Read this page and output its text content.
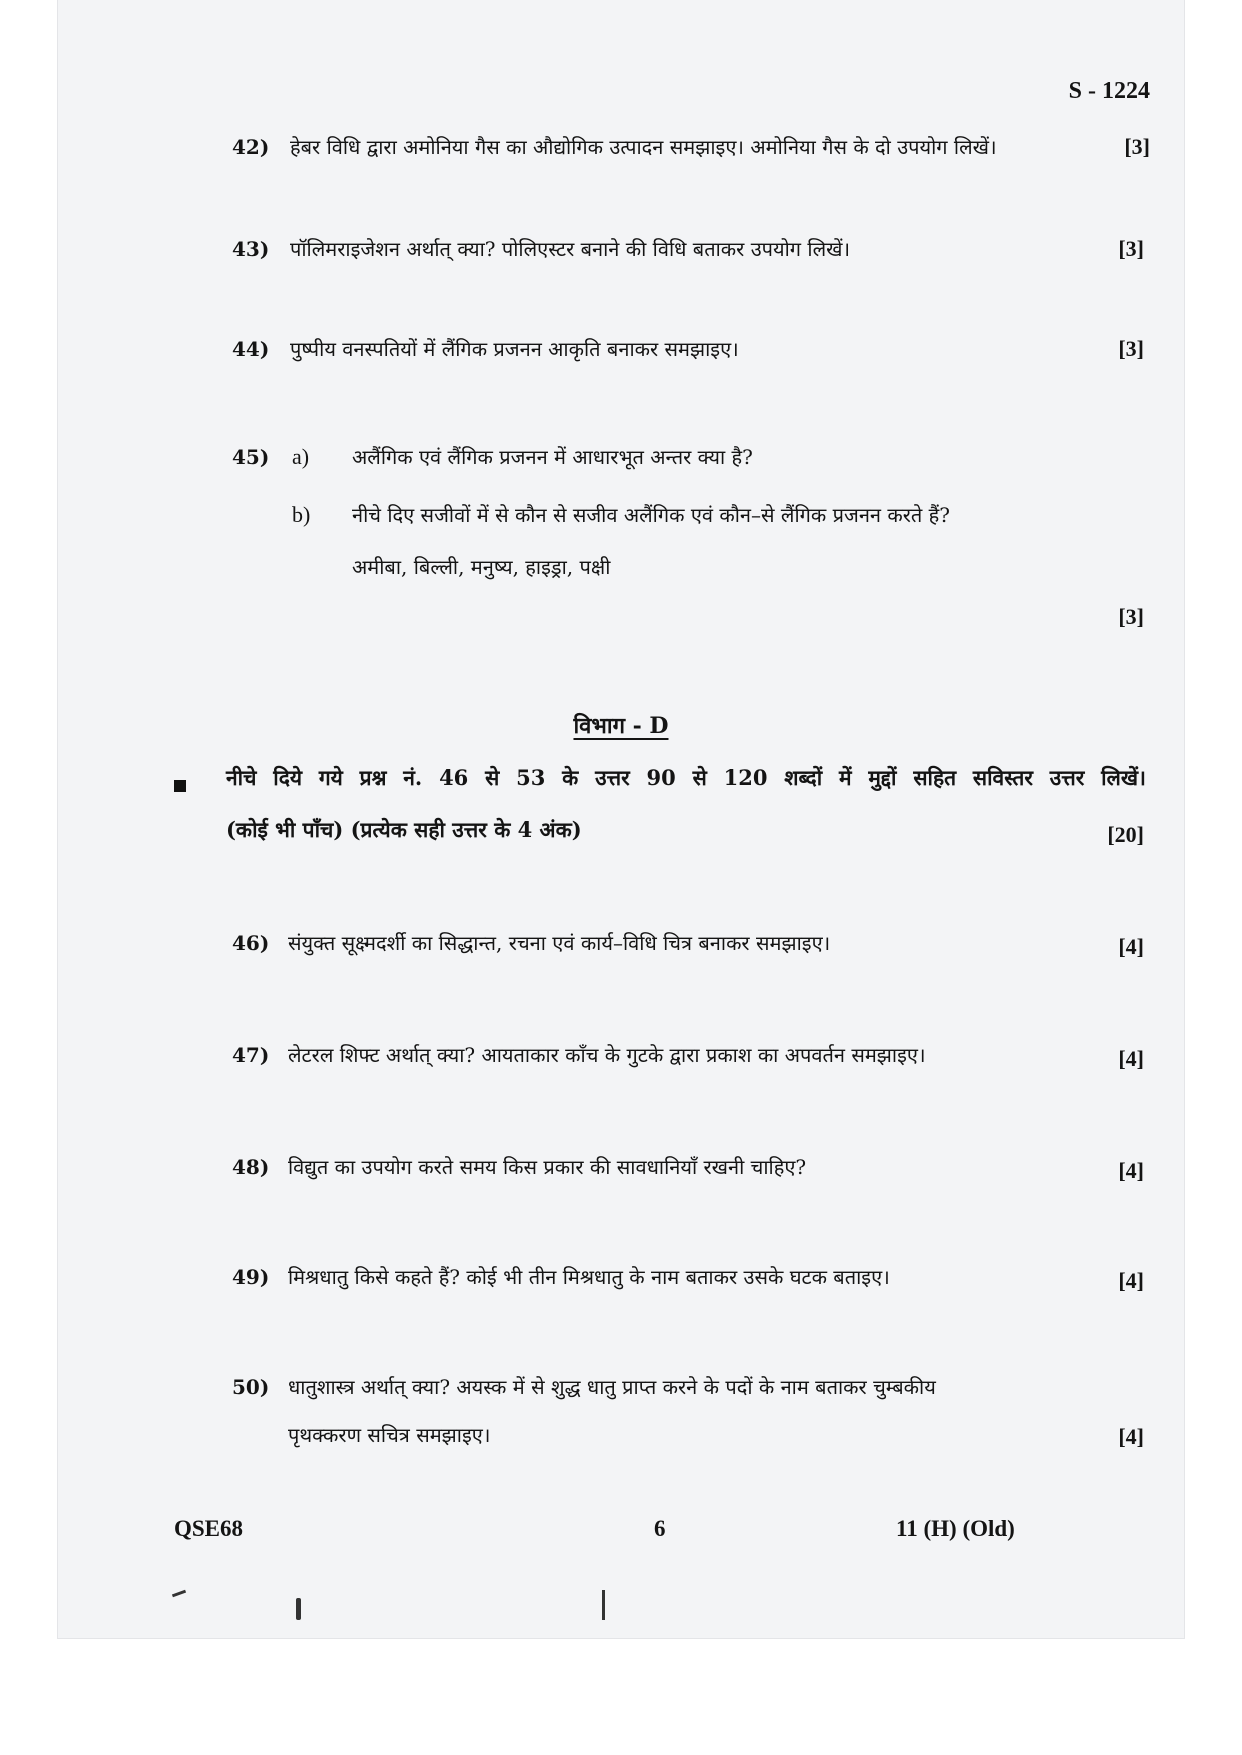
S - 1224
42) हेबर विधि द्वारा अमोनिया गैस का औद्योगिक उत्पादन समझाइए। अमोनिया गैस के दो उपयोग लिखें।	[3]
43) पॉलिमराइजेशन अर्थात् क्या? पोलिएस्टर बनाने की विधि बताकर उपयोग लिखें।	[3]
44) पुष्पीय वनस्पतियों में लैंगिक प्रजनन आकृति बनाकर समझाइए।	[3]
45) a) अलैंगिक एवं लैंगिक प्रजनन में आधारभूत अन्तर क्या है?
b) नीचे दिए सजीवों में से कौन से सजीव अलैंगिक एवं कौन–से लैंगिक प्रजनन करते हैं?
अमीबा, बिल्ली, मनुष्य, हाइड्रा, पक्षी
[3]
विभाग - D
नीचे दिये गये प्रश्न नं. 46 से 53 के उत्तर 90 से 120 शब्दों में मुद्दों सहित सविस्तर उत्तर लिखें।
(कोई भी पाँच) (प्रत्येक सही उत्तर के 4 अंक)	[20]
46) संयुक्त सूक्ष्मदर्शी का सिद्धान्त, रचना एवं कार्य–विधि चित्र बनाकर समझाइए।	[4]
47) लेटरल शिफ्ट अर्थात् क्या? आयताकार काँच के गुटके द्वारा प्रकाश का अपवर्तन समझाइए।	[4]
48) विद्युत का उपयोग करते समय किस प्रकार की सावधानियाँ रखनी चाहिए?	[4]
49) मिश्रधातु किसे कहते हैं? कोई भी तीन मिश्रधातु के नाम बताकर उसके घटक बताइए।	[4]
50) धातुशास्त्र अर्थात् क्या? अयस्क में से शुद्ध धातु प्राप्त करने के पदों के नाम बताकर चुम्बकीय
पृथक्करण सचित्र समझाइए।	[4]
QSE68	6	11 (H) (Old)
